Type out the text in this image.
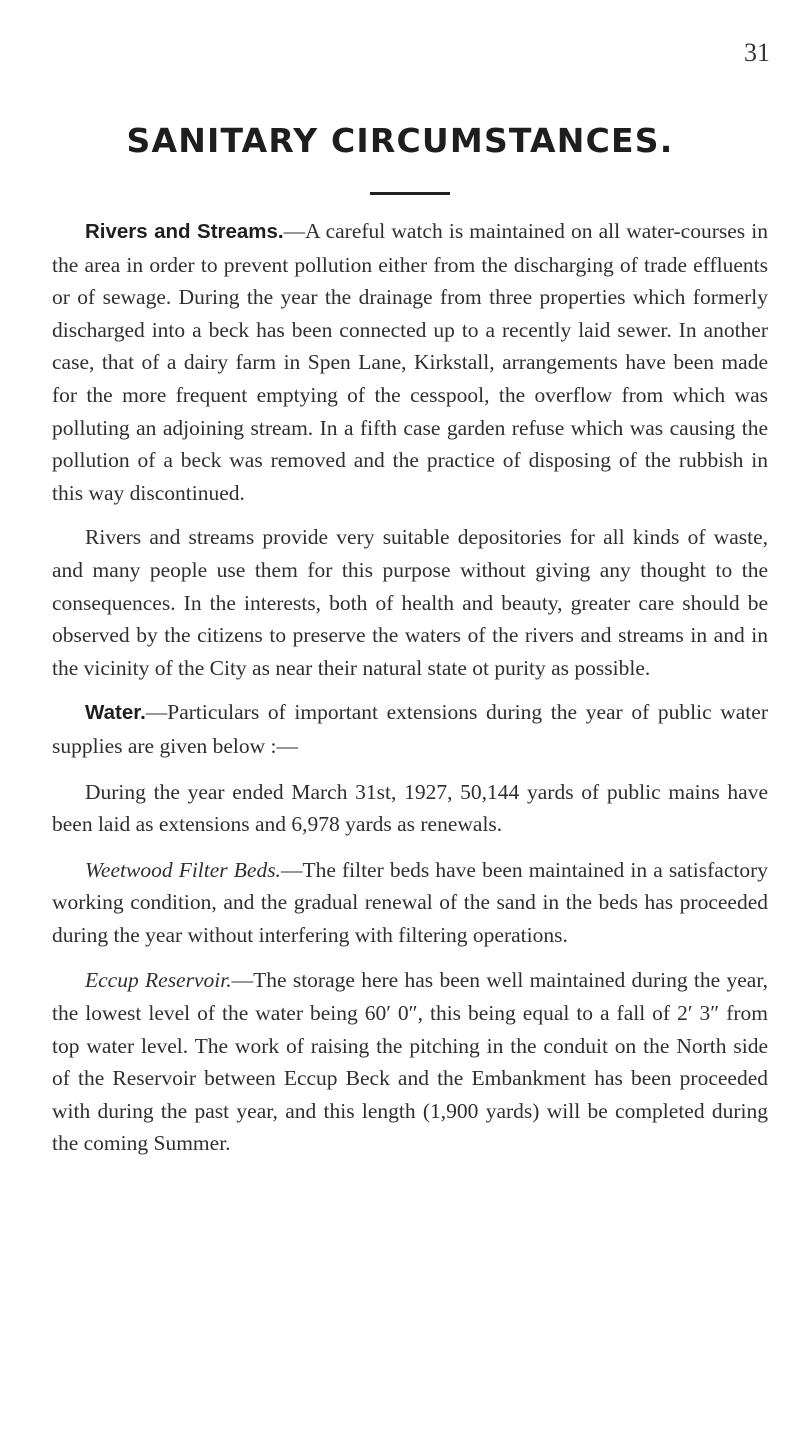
31
SANITARY CIRCUMSTANCES.

Rivers and Streams.—A careful watch is maintained on all water-courses in the area in order to prevent pollution either from the discharging of trade effluents or of sewage. During the year the drainage from three properties which formerly discharged into a beck has been connected up to a recently laid sewer. In another case, that of a dairy farm in Spen Lane, Kirkstall, arrangements have been made for the more frequent emptying of the cesspool, the overflow from which was polluting an adjoining stream. In a fifth case garden refuse which was causing the pollution of a beck was removed and the practice of disposing of the rubbish in this way discontinued.

Rivers and streams provide very suitable depositories for all kinds of waste, and many people use them for this purpose without giving any thought to the consequences. In the interests, both of health and beauty, greater care should be observed by the citizens to preserve the waters of the rivers and streams in and in the vicinity of the City as near their natural state ot purity as possible.

Water.—Particulars of important extensions during the year of public water supplies are given below :—

During the year ended March 31st, 1927, 50,144 yards of public mains have been laid as extensions and 6,978 yards as renewals.

Weetwood Filter Beds.—The filter beds have been maintained in a satisfactory working condition, and the gradual renewal of the sand in the beds has proceeded during the year without interfering with filtering operations.

Eccup Reservoir.—The storage here has been well maintained during the year, the lowest level of the water being 60′ 0″, this being equal to a fall of 2′ 3″ from top water level. The work of raising the pitching in the conduit on the North side of the Reservoir between Eccup Beck and the Embankment has been proceeded with during the past year, and this length (1,900 yards) will be completed during the coming Summer.
